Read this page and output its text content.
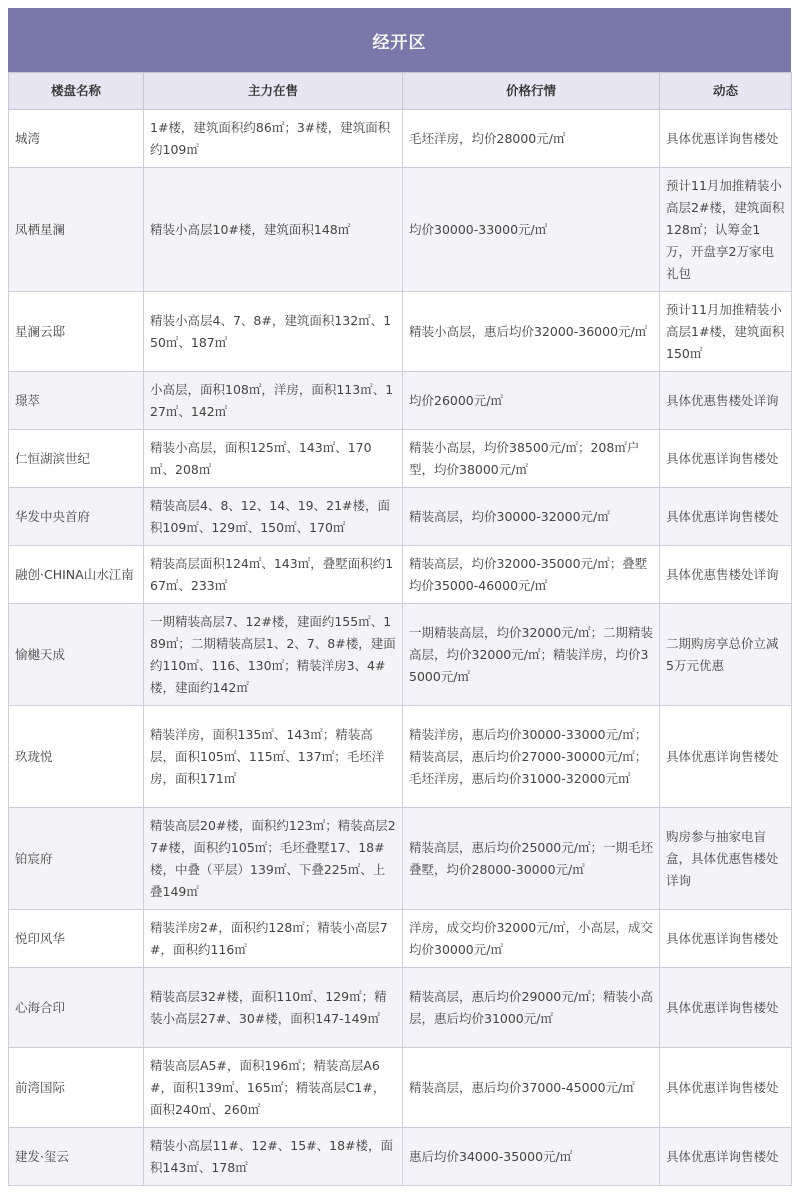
经开区
楼盘名称	主力在售	价格行情	动态
城湾	1#楼，建筑面积约86㎡；3#楼，建筑面积约109㎡	毛坯洋房，均价28000元/㎡	具体优惠详询售楼处
凤栖星澜	精装小高层10#楼，建筑面积148㎡	均价30000-33000元/㎡	预计11月加推精装小高层2#楼，建筑面积128㎡；认筹金1万，开盘享2万家电礼包
星澜云邸	精装小高层4、7、8#，建筑面积132㎡、150㎡、187㎡	精装小高层，惠后均价32000-36000元/㎡	预计11月加推精装小高层1#楼，建筑面积150㎡
璟萃	小高层，面积108㎡，洋房，面积113㎡、127㎡、142㎡	均价26000元/㎡	具体优惠售楼处详询
仁恒湖滨世纪	精装小高层，面积125㎡、143㎡、170㎡、208㎡	精装小高层，均价38500元/㎡；208㎡户型，均价38000元/㎡	具体优惠详询售楼处
华发中央首府	精装高层4、8、12、14、19、21#楼，面积109㎡、129㎡、150㎡、170㎡	精装高层，均价30000-32000元/㎡	具体优惠详询售楼处
融创·CHINA山水江南	精装高层面积124㎡、143㎡，叠墅面积约167㎡、233㎡	精装高层，均价32000-35000元/㎡；叠墅均价35000-46000元/㎡	具体优惠售楼处详询
愉樾天成	一期精装高层7、12#楼，建面约155㎡、189㎡；二期精装高层1、2、7、8#楼，建面约110㎡、116、130㎡；精装洋房3、4#楼，建面约142㎡	一期精装高层，均价32000元/㎡；二期精装高层，均价32000元/㎡；精装洋房，均价35000元/㎡	二期购房享总价立减5万元优惠
玖珑悦	精装洋房，面积135㎡、143㎡；精装高层，面积105㎡、115㎡、137㎡；毛坯洋房，面积171㎡	精装洋房，惠后均价30000-33000元/㎡；精装高层，惠后均价27000-30000元/㎡；毛坯洋房，惠后均价31000-32000元㎡	具体优惠详询售楼处
铂宸府	精装高层20#楼，面积约123㎡；精装高层27#楼，面积约105㎡；毛坯叠墅17、18#楼，中叠（平层）139㎡、下叠225㎡、上叠149㎡	精装高层，惠后均价25000元/㎡；一期毛坯叠墅，均价28000-30000元/㎡	购房参与抽家电盲盒，具体优惠售楼处详询
悦印风华	精装洋房2#，面积约128㎡；精装小高层7#，面积约116㎡	洋房，成交均价32000元/㎡，小高层，成交均价30000元/㎡	具体优惠详询售楼处
心海合印	精装高层32#楼，面积110㎡、129㎡；精装小高层27#、30#楼，面积147-149㎡	精装高层，惠后均价29000元/㎡；精装小高层，惠后均价31000元/㎡	具体优惠详询售楼处
前湾国际	精装高层A5#，面积196㎡；精装高层A6#，面积139㎡、165㎡；精装高层C1#，面积240㎡、260㎡	精装高层，惠后均价37000-45000元/㎡	具体优惠详询售楼处
建发·玺云	精装小高层11#、12#、15#、18#楼，面积143㎡、178㎡	惠后均价34000-35000元/㎡	具体优惠详询售楼处
